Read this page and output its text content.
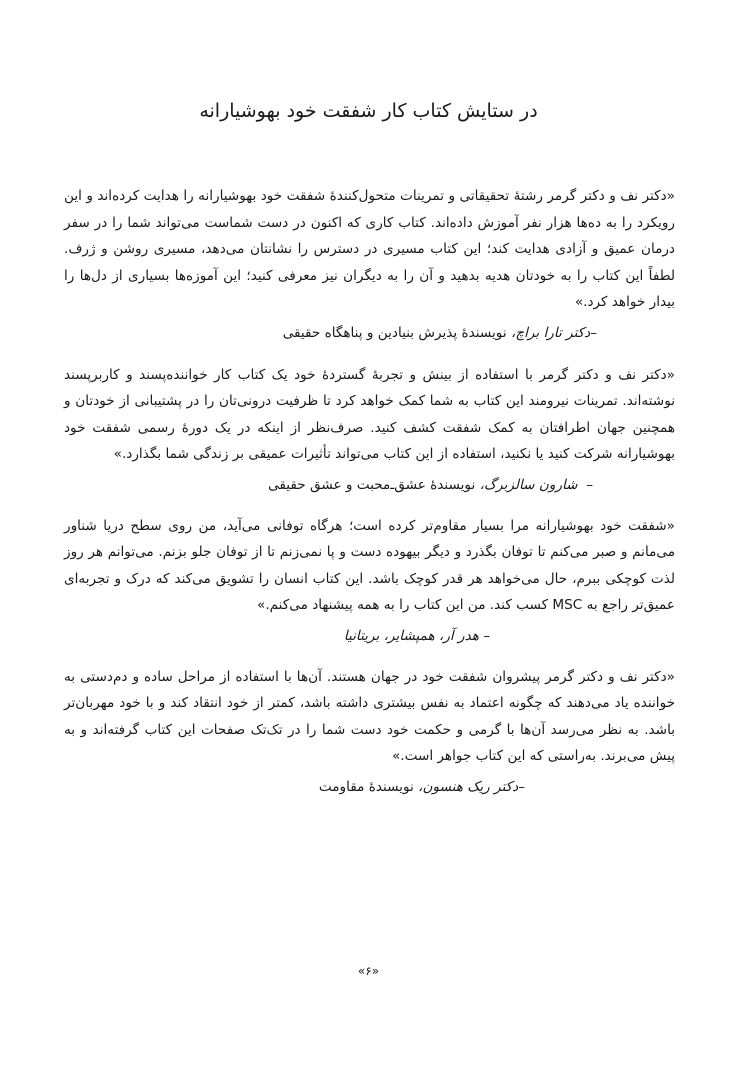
در ستایش کتاب کار شفقت خود بهوشیارانه

«دکتر نف و دکتر گرمر رشتهٔ تحقیقاتی و تمرینات متحول‌کنندهٔ شفقت خود بهوشیارانه را هدایت کرده‌اند و این رویکرد را به ده‌ها هزار نفر آموزش داده‌اند. کتاب کاری که اکنون در دست شماست می‌تواند شما را در سفر درمان عمیق و آزادی هدایت کند؛ این کتاب مسیری در دسترس را نشانتان می‌دهد، مسیری روشن و ژرف. لطفاً این کتاب را به خودتان هدیه بدهید و آن را به دیگران نیز معرفی کنید؛ این آموزه‌ها بسیاری از دل‌ها را بیدار خواهد کرد.»

–دکتر تارا براچ، نویسندهٔ پذیرش بنیادین و پناهگاه حقیقی

«دکتر نف و دکتر گرمر با استفاده از بینش و تجربهٔ گستردهٔ خود یک کتاب کار خواننده‌پسند و کاربرپسند نوشته‌اند. تمرینات نیرومند این کتاب به شما کمک خواهد کرد تا ظرفیت درونی‌تان را در پشتیبانی از خودتان و همچنین جهان اطرافتان به کمک شفقت کشف کنید. صرف‌نظر از اینکه در یک دورهٔ رسمی شفقت خود بهوشیارانه شرکت کنید یا نکنید، استفاده از این کتاب می‌تواند تأثیرات عمیقی بر زندگی شما بگذارد.»

–  شارون سالزبرگ، نویسندهٔ عشق‌ـ‌محبت و عشق حقیقی

«شفقت خود بهوشیارانه مرا بسیار مقاوم‌تر کرده است؛ هرگاه توفانی می‌آید، من روی سطح دریا شناور می‌مانم و صبر می‌کنم تا توفان بگذرد و دیگر بیهوده دست و پا نمی‌زنم تا از توفان جلو بزنم. می‌توانم هر روز لذت کوچکی ببرم، حال می‌خواهد هر قدر کوچک باشد. این کتاب انسان را تشویق می‌کند که درک و تجربه‌ای عمیق‌تر راجع به MSC کسب کند. من این کتاب را به همه پیشنهاد می‌کنم.»

– هدر آر، همپشایر، بریتانیا

«دکتر نف و دکتر گرمر پیشروان شفقت خود در جهان هستند. آن‌ها با استفاده از مراحل ساده و دم‌دستی به خواننده یاد می‌دهند که چگونه اعتماد به نفس بیشتری داشته باشد، کمتر از خود انتقاد کند و با خود مهربان‌تر باشد. به نظر می‌رسد آن‌ها با گرمی و حکمت خود دست شما را در تک‌تک صفحات این کتاب گرفته‌اند و به پیش می‌برند. به‌راستی که این کتاب جواهر است.»

–دکتر ریک هنسون، نویسندهٔ مقاومت

«۶»
